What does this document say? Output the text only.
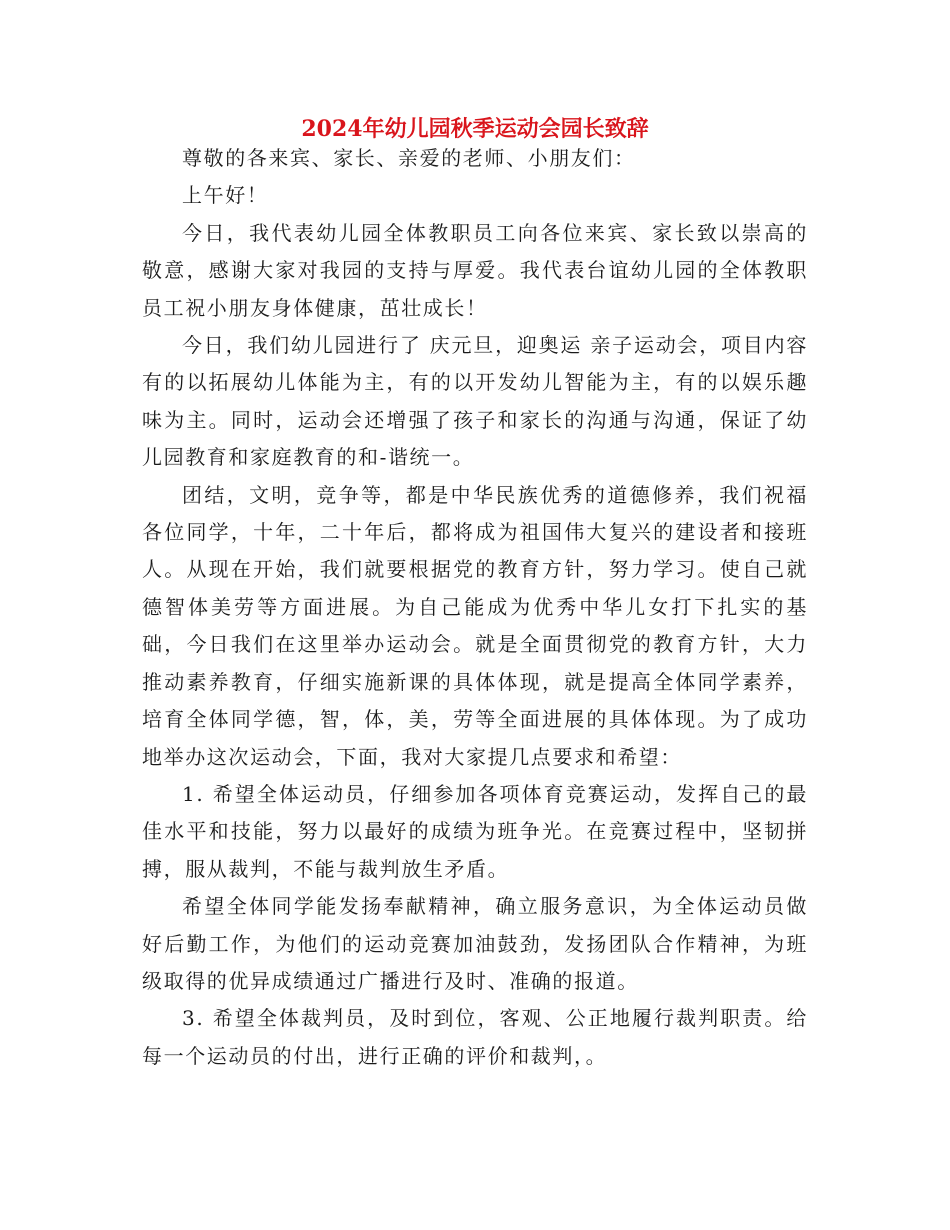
2024年幼儿园秋季运动会园长致辞

尊敬的各来宾、家长、亲爱的老师、小朋友们：

上午好！

今日，我代表幼儿园全体教职员工向各位来宾、家长致以崇高的敬意，感谢大家对我园的支持与厚爱。我代表台谊幼儿园的全体教职员工祝小朋友身体健康，茁壮成长！

今日，我们幼儿园进行了 庆元旦，迎奥运 亲子运动会，项目内容有的以拓展幼儿体能为主，有的以开发幼儿智能为主，有的以娱乐趣味为主。同时，运动会还增强了孩子和家长的沟通与沟通，保证了幼儿园教育和家庭教育的和-谐统一。

团结，文明，竞争等，都是中华民族优秀的道德修养，我们祝福各位同学，十年，二十年后，都将成为祖国伟大复兴的建设者和接班人。从现在开始，我们就要根据党的教育方针，努力学习。使自己就德智体美劳等方面进展。为自己能成为优秀中华儿女打下扎实的基础，今日我们在这里举办运动会。就是全面贯彻党的教育方针，大力推动素养教育，仔细实施新课的具体体现，就是提高全体同学素养，培育全体同学德，智，体，美，劳等全面进展的具体体现。为了成功地举办这次运动会，下面，我对大家提几点要求和希望：

1. 希望全体运动员，仔细参加各项体育竞赛运动，发挥自己的最佳水平和技能，努力以最好的成绩为班争光。在竞赛过程中，坚韧拼搏，服从裁判，不能与裁判放生矛盾。

希望全体同学能发扬奉献精神，确立服务意识，为全体运动员做好后勤工作，为他们的运动竞赛加油鼓劲，发扬团队合作精神，为班级取得的优异成绩通过广播进行及时、准确的报道。

3. 希望全体裁判员，及时到位，客观、公正地履行裁判职责。给每一个运动员的付出，进行正确的评价和裁判，。
